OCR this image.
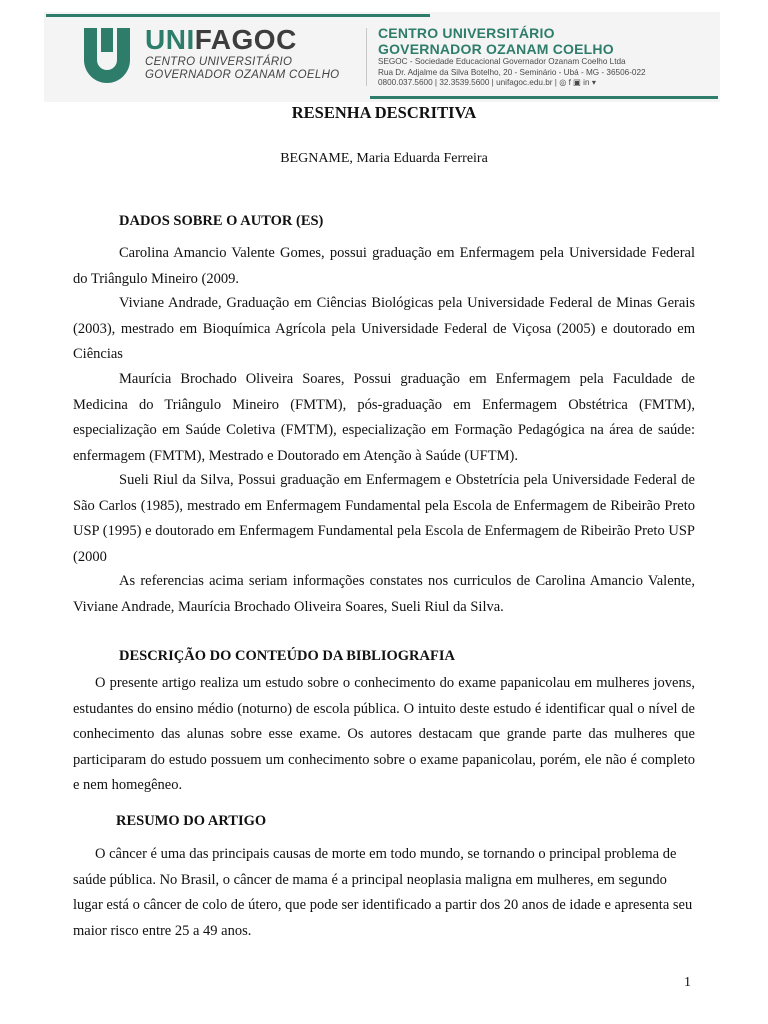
UNIFAGOC
CENTRO UNIVERSITÁRIO
GOVERNADOR OZANAM COELHO
CENTRO UNIVERSITÁRIO
GOVERNADOR OZANAM COELHO
SEGOC - Sociedade Educacional Governador Ozanam Coelho Ltda
Rua Dr. Adjalme da Silva Botelho, 20 - Seminário - Ubá - MG - 36506-022
0800.037.5600 | 32.3539.5600 | unifagoc.edu.br | ◎ f ▣ in ▾
RESENHA DESCRITIVA
BEGNAME, Maria Eduarda Ferreira
DADOS SOBRE O AUTOR (ES)

Carolina Amancio Valente Gomes, possui graduação em Enfermagem pela Universidade Federal do Triângulo Mineiro (2009.

Viviane Andrade, Graduação em Ciências Biológicas pela Universidade Federal de Minas Gerais (2003), mestrado em Bioquímica Agrícola pela Universidade Federal de Viçosa (2005) e doutorado em Ciências

Maurícia Brochado Oliveira Soares, Possui graduação em Enfermagem pela Faculdade de Medicina do Triângulo Mineiro (FMTM), pós-graduação em Enfermagem Obstétrica (FMTM), especialização em Saúde Coletiva (FMTM), especialização em Formação Pedagógica na área de saúde: enfermagem (FMTM), Mestrado e Doutorado em Atenção à Saúde (UFTM).

Sueli Riul da Silva, Possui graduação em Enfermagem e Obstetrícia pela Universidade Federal de São Carlos (1985), mestrado em Enfermagem Fundamental pela Escola de Enfermagem de Ribeirão Preto USP (1995) e doutorado em Enfermagem Fundamental pela Escola de Enfermagem de Ribeirão Preto USP (2000

As referencias acima seriam informações constates nos curriculos de Carolina Amancio Valente, Viviane Andrade, Maurícia Brochado Oliveira Soares, Sueli Riul da Silva.

DESCRIÇÃO DO CONTEÚDO DA BIBLIOGRAFIA

O presente artigo realiza um estudo sobre o conhecimento do exame papanicolau em mulheres jovens, estudantes do ensino médio (noturno) de escola pública. O intuito deste estudo é identificar qual o nível de conhecimento das alunas sobre esse exame. Os autores destacam que grande parte das mulheres que participaram do estudo possuem um conhecimento sobre o exame papanicolau, porém, ele não é completo e nem homegêneo.

RESUMO DO ARTIGO

O câncer é uma das principais causas de morte em todo mundo, se tornando o principal problema de saúde pública. No Brasil, o câncer de mama é a principal neoplasia maligna em mulheres, em segundo lugar está o câncer de colo de útero, que pode ser identificado a partir dos 20 anos de idade e apresenta seu maior risco entre 25 a 49 anos.

1
